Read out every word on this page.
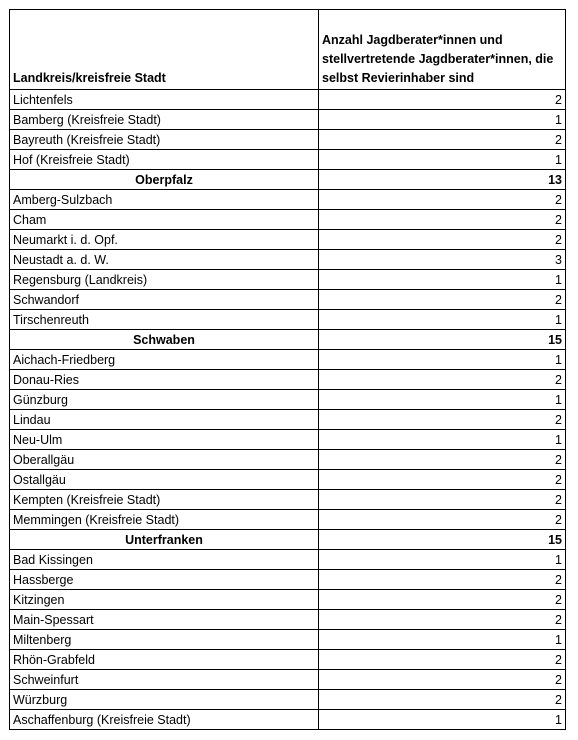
Landkreis/kreisfreie Stadt	Anzahl Jagdberater*innen und stellvertretende Jagdberater*innen, die selbst Revierinhaber sind
Lichtenfels	2
Bamberg (Kreisfreie Stadt)	1
Bayreuth (Kreisfreie Stadt)	2
Hof (Kreisfreie Stadt)	1
Oberpfalz	13
Amberg-Sulzbach	2
Cham	2
Neumarkt i. d. Opf.	2
Neustadt a. d. W.	3
Regensburg (Landkreis)	1
Schwandorf	2
Tirschenreuth	1
Schwaben	15
Aichach-Friedberg	1
Donau-Ries	2
Günzburg	1
Lindau	2
Neu-Ulm	1
Oberallgäu	2
Ostallgäu	2
Kempten (Kreisfreie Stadt)	2
Memmingen (Kreisfreie Stadt)	2
Unterfranken	15
Bad Kissingen	1
Hassberge	2
Kitzingen	2
Main-Spessart	2
Miltenberg	1
Rhön-Grabfeld	2
Schweinfurt	2
Würzburg	2
Aschaffenburg (Kreisfreie Stadt)	1
